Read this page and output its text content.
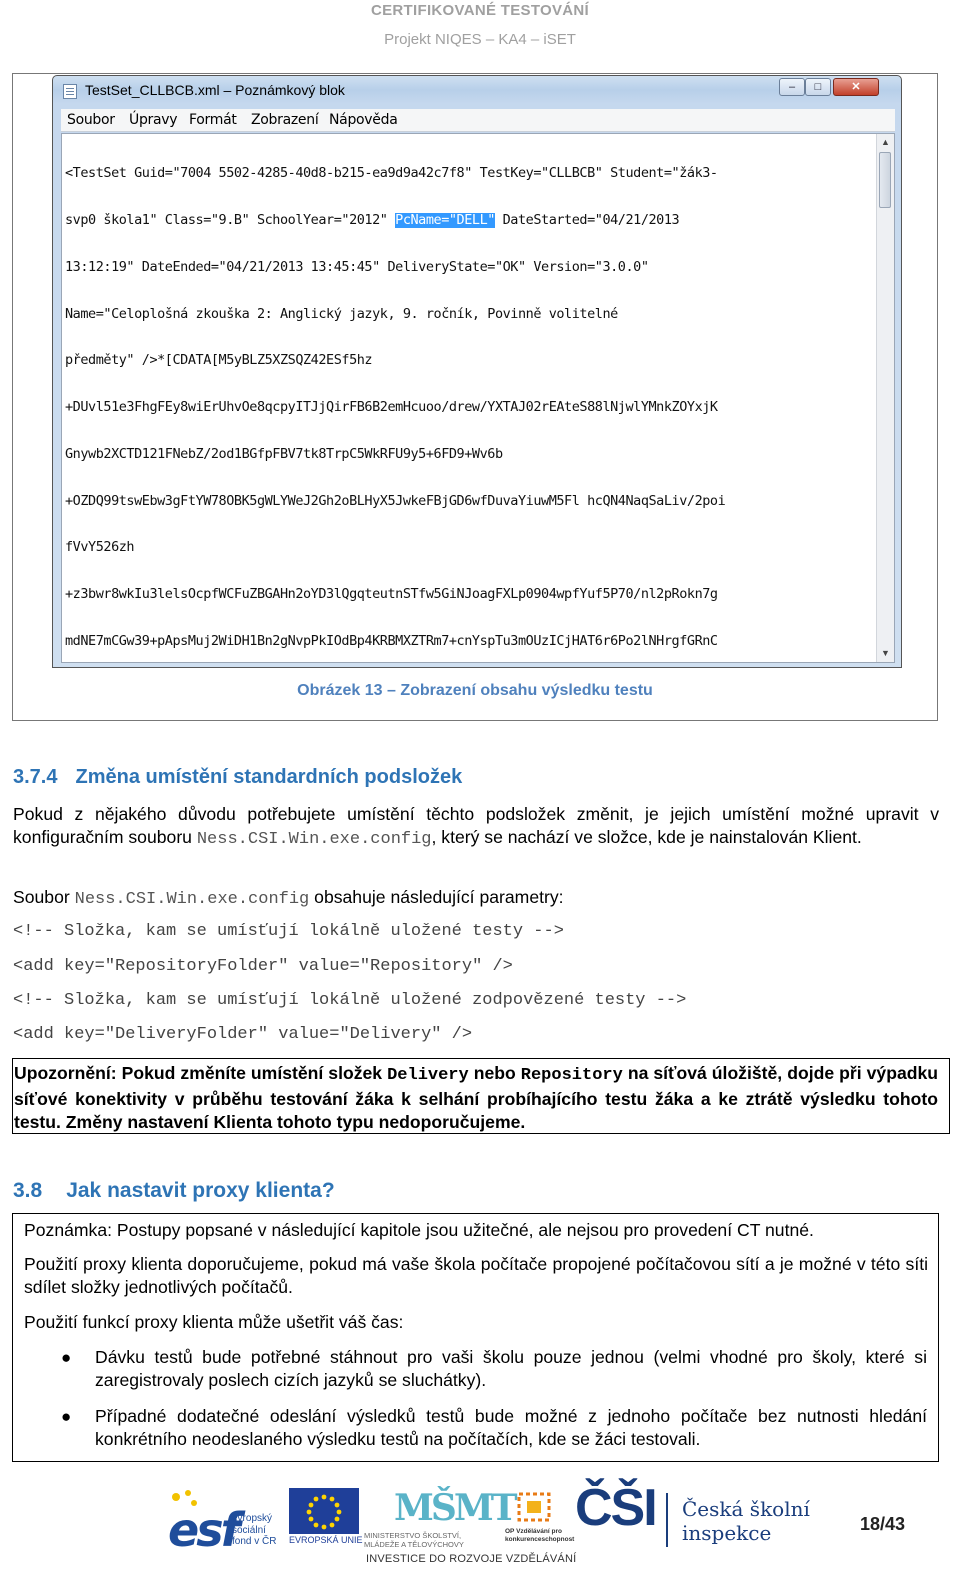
CERTIFIKOVANÉ TESTOVÁNÍ
Projekt NIQES – KA4 – iSET
TestSet_CLLBCB.xml – Poznámkový blok	–	□	✕
Soubor Úpravy Formát Zobrazení Nápověda

<TestSet Guid="7004 5502-4285-40d8-b215-ea9d9a42c7f8" TestKey="CLLBCB" Student="žák3-

svp0 škola1" Class="9.B" SchoolYear="2012" PcName="DELL" DateStarted="04/21/2013

13:12:19" DateEnded="04/21/2013 13:45:45" DeliveryState="OK" Version="3.0.0"

Name="Celoplošná zkouška 2: Anglický jazyk, 9. ročník, Povinně volitelné

předměty" />*[CDATA[M5yBLZ5XZSQZ42ESf5hz

+DUvl51e3FhgFEy8wiErUhvOe8qcpyITJjQirFB6B2emHcuoo/drew/YXTAJ02rEAteS88lNjwlYMnkZOYxjK

Gnywb2XCTD121FNebZ/2od1BGfpFBV7tk8TrpC5WkRFU9y5+6FD9+Wv6b

+OZDQ99tswEbw3gFtYW78OBK5gWLYWeJ2Gh2oBLHyX5JwkeFBjGD6wfDuvaYiuwM5Fl hcQN4NaqSaLiv/2poi

fVvY526zh

+z3bwr8wkIu3lelsOcpfWCFuZBGAHn2oYD3lQgqteutnSTfw5GiNJoagFXLp0904wpfYuf5P70/nl2pRokn7g

mdNE7mCGw39+pApsMuj2WiDH1Bn2gNvpPkIOdBp4KRBMXZTRm7+cnYspTu3mOUzICjHAT6r6Po2lNHrgfGRnC

▲
▼
Obrázek 13 – Zobrazení obsahu výsledku testu
3.7.4 Změna umístění standardních podsložek
Pokud z nějakého důvodu potřebujete umístění těchto podsložek změnit, je jejich umístění možné upravit v konfiguračním souboru Ness.CSI.Win.exe.config, který se nachází ve složce, kde je nainstalován Klient.
Soubor Ness.CSI.Win.exe.config obsahuje následující parametry:
<!-- Složka, kam se umísťují lokálně uložené testy -->
<add key="RepositoryFolder" value="Repository" />
<!-- Složka, kam se umísťují lokálně uložené zodpovězené testy -->
<add key="DeliveryFolder" value="Delivery" />
Upozornění: Pokud změníte umístění složek Delivery nebo Repository na síťová úložiště, dojde při výpadku síťové konektivity v průběhu testování žáka k selhání probíhajícího testu žáka a ke ztrátě výsledku tohoto testu. Změny nastavení Klienta tohoto typu nedoporučujeme.
3.8 Jak nastavit proxy klienta?
Poznámka: Postupy popsané v následující kapitole jsou užitečné, ale nejsou pro provedení CT nutné.
Použití proxy klienta doporučujeme, pokud má vaše škola počítače propojené počítačovou sítí a je možné v této síti sdílet složky jednotlivých počítačů.
Použití funkcí proxy klienta může ušetřit váš čas:
● Dávku testů bude potřebné stáhnout pro vaši školu pouze jednou (velmi vhodné pro školy, které si zaregistrovaly poslech cizích jazyků se sluchátky).
● Případné dodatečné odeslání výsledků testů bude možné z jednoho počítače bez nutnosti hledání konkrétního neodeslaného výsledku testů na počítačích, kde se žáci testovali.
esf
evropský
sociální
fond v ČR EVROPSKÁ UNIE
MŠMT
MINISTERSTVO ŠKOLSTVÍ, MLÁDEŽE A TĚLOVÝCHOVY
OP Vzdělávání pro konkurenceschopnost
ČŠI Česká školní
inspekce
INVESTICE DO ROZVOJE VZDĚLÁVÁNÍ
18/43
